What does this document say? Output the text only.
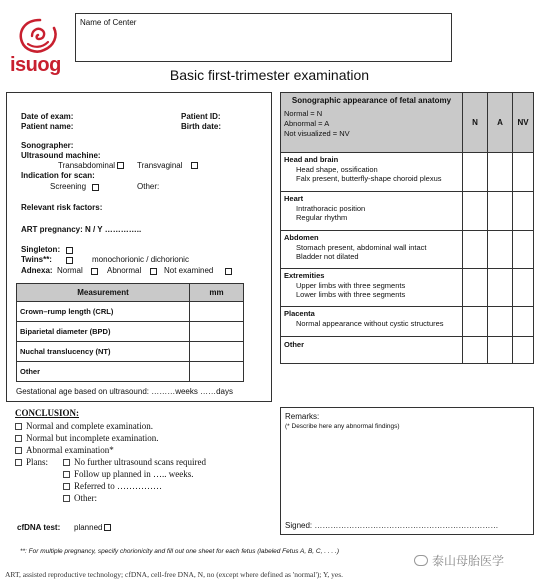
isuog
Name of Center
Basic first-trimester examination
Date of exam:
Patient name:
Patient ID:
Birth date:
Sonographer:
Ultrasound machine:
Transabdominal	Transvaginal
Indication for scan:
Screening	Other:
Relevant risk factors:
ART pregnancy: N / Y …………..
Singleton:
Twins**:	monochorionic / dichorionic
Adnexa: Normal	Abnormal	Not examined
Measurement	mm
Crown–rump length (CRL)	
Biparietal diameter (BPD)	
Nuchal translucency (NT)	
Other	
Gestational age based on ultrasound: ………weeks ……days
Sonographic appearance of fetal anatomy
Normal = N
Abnormal = A
Not visualized = NV	N	A	NV

Head and brain
Head shape, ossification
Falx present, butterfly-shape choroid plexus			

Heart
Intrathoracic position
Regular rhythm			

Abdomen
Stomach present, abdominal wall intact
Bladder not dilated			

Extremities
Upper limbs with three segments
Lower limbs with three segments			

Placenta
Normal appearance without cystic structures			

Other			

CONCLUSION:
Normal and complete examination.
Normal but incomplete examination.
Abnormal examination*
Plans:	No further ultrasound scans required
Follow up planned in ….. weeks.
Referred to ……………
Other:
cfDNA test: planned
Remarks:
(* Describe here any abnormal findings)
Signed: ……………………………………………………………
**: For multiple pregnancy, specify chorionicity and fill out one sheet for each fetus (labeled Fetus A, B, C, . . . .)
泰山母胎医学
ART, assisted reproductive technology; cfDNA, cell-free DNA, N, no (except where defined as 'normal'); Y, yes.
